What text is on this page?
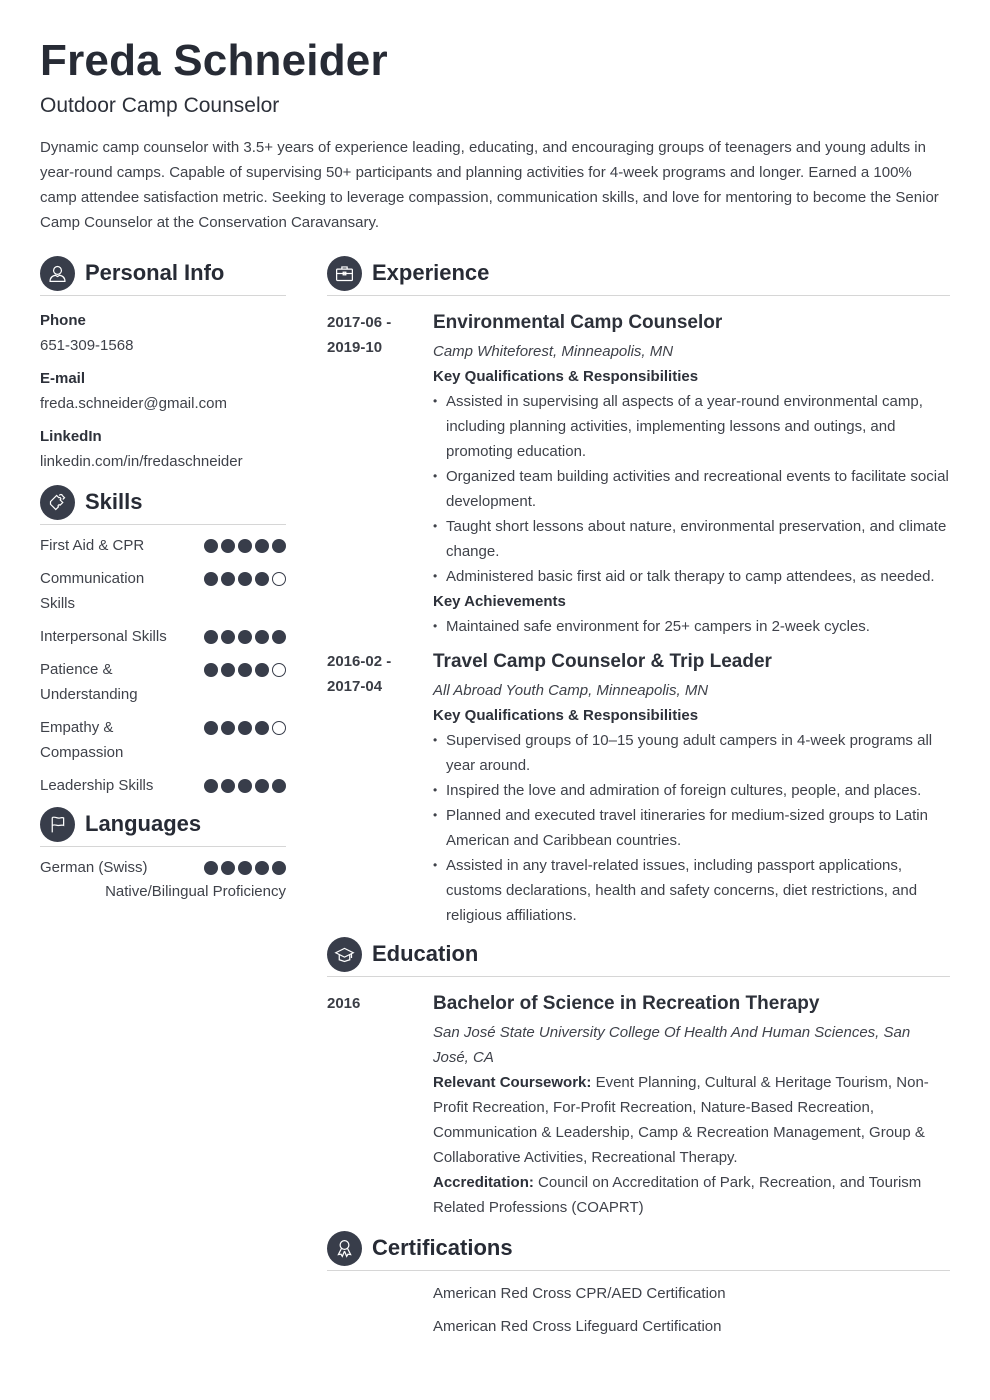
Freda Schneider
Outdoor Camp Counselor
Dynamic camp counselor with 3.5+ years of experience leading, educating, and encouraging groups of teenagers and young adults in year-round camps. Capable of supervising 50+ participants and planning activities for 4-week programs and longer. Earned a 100% camp attendee satisfaction metric. Seeking to leverage compassion, communication skills, and love for mentoring to become the Senior Camp Counselor at the Conservation Caravansary.
Personal Info
Phone
651-309-1568
E-mail
freda.schneider@gmail.com
LinkedIn
linkedin.com/in/fredaschneider
Skills
First Aid & CPR
Communication Skills
Interpersonal Skills
Patience & Understanding
Empathy & Compassion
Leadership Skills
Languages
German (Swiss)
Native/Bilingual Proficiency
Experience
2017-06 -
2019-10
Environmental Camp Counselor
Camp Whiteforest, Minneapolis, MN
Key Qualifications & Responsibilities
• Assisted in supervising all aspects of a year-round environmental camp, including planning activities, implementing lessons and outings, and promoting education.
• Organized team building activities and recreational events to facilitate social development.
• Taught short lessons about nature, environmental preservation, and climate change.
• Administered basic first aid or talk therapy to camp attendees, as needed.
Key Achievements
• Maintained safe environment for 25+ campers in 2-week cycles.
2016-02 -
2017-04
Travel Camp Counselor & Trip Leader
All Abroad Youth Camp, Minneapolis, MN
Key Qualifications & Responsibilities
• Supervised groups of 10–15 young adult campers in 4-week programs all year around.
• Inspired the love and admiration of foreign cultures, people, and places.
• Planned and executed travel itineraries for medium-sized groups to Latin American and Caribbean countries.
• Assisted in any travel-related issues, including passport applications, customs declarations, health and safety concerns, diet restrictions, and religious affiliations.
Education
2016	Bachelor of Science in Recreation Therapy
San José State University College Of Health And Human Sciences, San José, CA
Relevant Coursework: Event Planning, Cultural & Heritage Tourism, Non-Profit Recreation, For-Profit Recreation, Nature-Based Recreation, Communication & Leadership, Camp & Recreation Management, Group & Collaborative Activities, Recreational Therapy.
Accreditation: Council on Accreditation of Park, Recreation, and Tourism Related Professions (COAPRT)
Certifications
American Red Cross CPR/AED Certification
American Red Cross Lifeguard Certification
